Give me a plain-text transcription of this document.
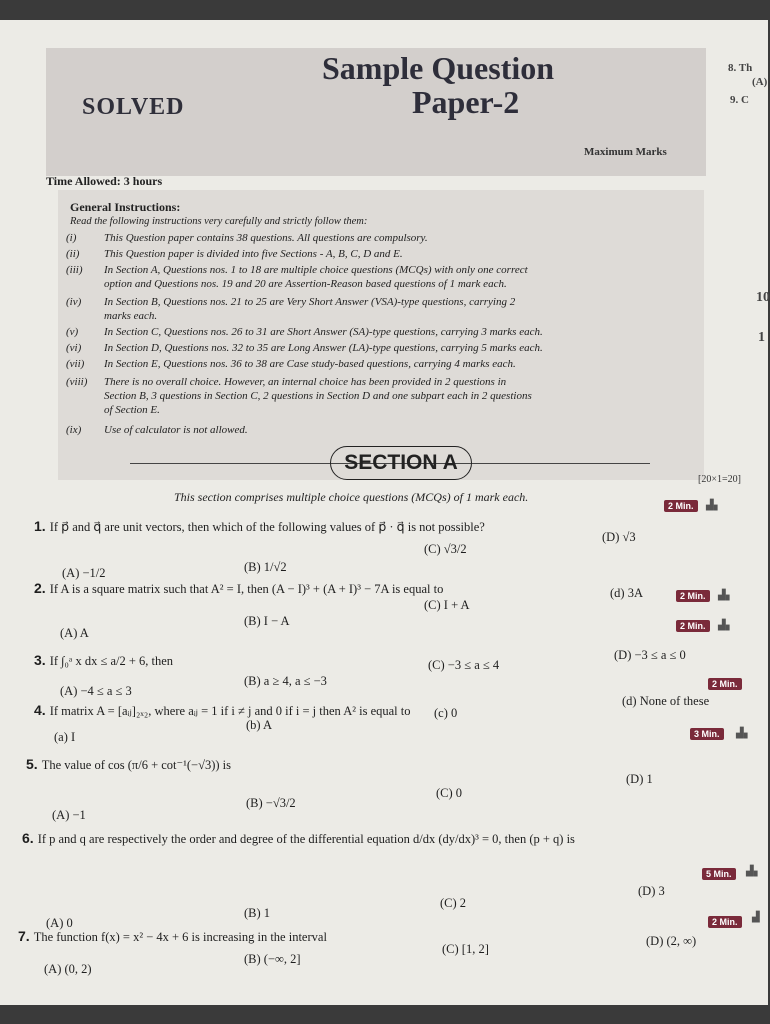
SOLVED
Sample Question
Paper-2
Maximum Marks
Time Allowed: 3 hours
8. Th
(A)
9. C
10
1
General Instructions:
Read the following instructions very carefully and strictly follow them:
(i)	This Question paper contains 38 questions. All questions are compulsory.
(ii) This Question paper is divided into five Sections - A, B, C, D and E.
(iii) In Section A, Questions nos. 1 to 18 are multiple choice questions (MCQs) with only one correct
option and Questions nos. 19 and 20 are Assertion-Reason based questions of 1 mark each.
(iv) In Section B, Questions nos. 21 to 25 are Very Short Answer (VSA)-type questions, carrying 2
marks each.
(v) In Section C, Questions nos. 26 to 31 are Short Answer (SA)-type questions, carrying 3 marks each.
(vi) In Section D, Questions nos. 32 to 35 are Long Answer (LA)-type questions, carrying 5 marks each.
(vii) In Section E, Questions nos. 36 to 38 are Case study-based questions, carrying 4 marks each.
(viii) There is no overall choice. However, an internal choice has been provided in 2 questions in
Section B, 3 questions in Section C, 2 questions in Section D and one subpart each in 2 questions
of Section E.
(ix) Use of calculator is not allowed.
SECTION A
This section comprises multiple choice questions (MCQs) of 1 mark each.
[20×1=20]
1. If p⃗ and q⃗ are unit vectors, then which of the following values of p⃗ · q⃗ is not possible?
2 Min.	▟▖
(A) −1/2	(B) 1/√2
(C) √3/2
(D) √3
2. If A is a square matrix such that A² = I, then (A − I)³ + (A + I)³ − 7A is equal to	2 Min.	▟▖
(A) A
(B) I − A
(C) I + A
(d) 3A
3. If ∫₀ᵃ x dx ≤ a/2 + 6, then
2 Min.	▟▖
(A) −4 ≤ a ≤ 3
(B) a ≥ 4, a ≤ −3
(C) −3 ≤ a ≤ 4
(D) −3 ≤ a ≤ 0
4. If matrix A = [aᵢⱼ]₂ₓ₂, where aᵢⱼ = 1 if i ≠ j and 0 if i = j then A² is equal to
2 Min.
(a) I
(b) A
(c) 0
(d) None of these
5. The value of cos (π/6 + cot⁻¹(−√3)) is
3 Min.	▟▖
(A) −1
(B) −√3/2
(C) 0
(D) 1
6. If p and q are respectively the order and degree of the differential equation d/dx (dy/dx)³ = 0, then (p + q) is
5 Min.	▟▖
(A) 0
(B) 1
(C) 2
(D) 3
7. The function f(x) = x² − 4x + 6 is increasing in the interval
2 Min.	▟
(A) (0, 2)
(B) (−∞, 2]
(C) [1, 2]
(D) (2, ∞)
